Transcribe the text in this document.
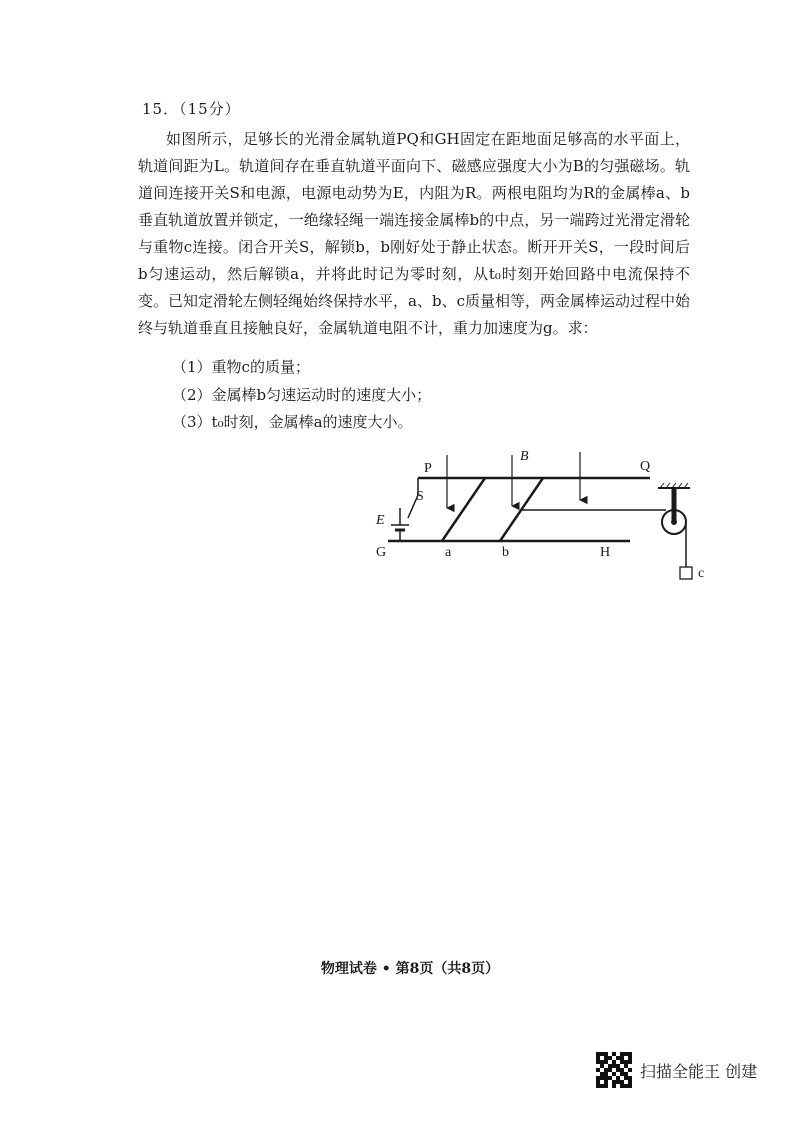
15．（15分）

如图所示，足够长的光滑金属轨道PQ和GH固定在距地面足够高的水平面上，轨道间距为L。轨道间存在垂直轨道平面向下、磁感应强度大小为B的匀强磁场。轨道间连接开关S和电源，电源电动势为E，内阻为R。两根电阻均为R的金属棒a、b垂直轨道放置并锁定，一绝缘轻绳一端连接金属棒b的中点，另一端跨过光滑定滑轮与重物c连接。闭合开关S，解锁b，b刚好处于静止状态。断开开关S，一段时间后b匀速运动，然后解锁a，并将此时记为零时刻，从t₀时刻开始回路中电流保持不变。已知定滑轮左侧轻绳始终保持水平，a、b、c质量相等，两金属棒运动过程中始终与轨道垂直且接触良好，金属轨道电阻不计，重力加速度为g。求：

（1）重物c的质量；
（2）金属棒b匀速运动时的速度大小；
（3）t₀时刻，金属棒a的速度大小。
P	Q
S
E
B
G	a	b	H
c
物理试卷 • 第8页（共8页）
扫描全能王 创建
